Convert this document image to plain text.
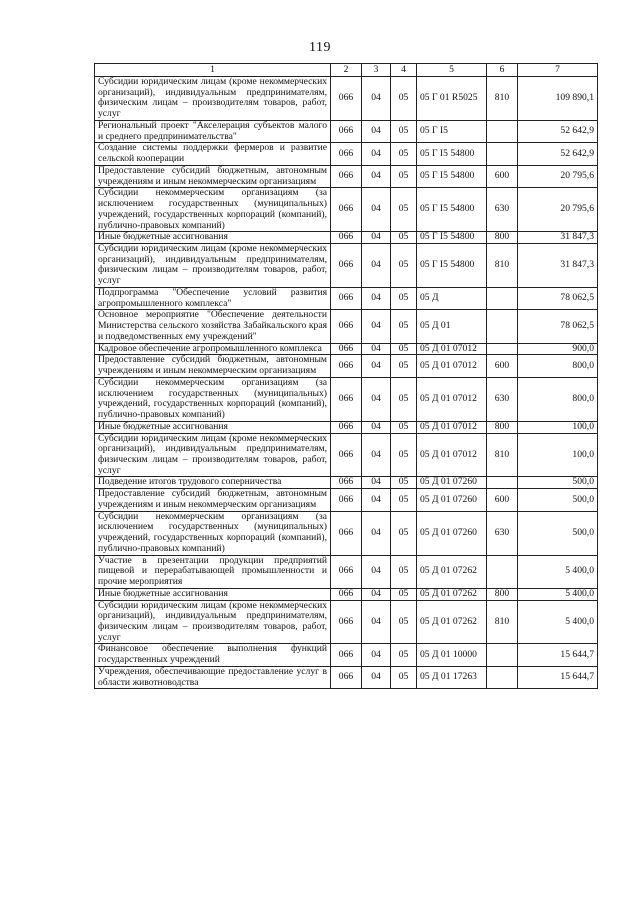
119
1	2	3	4	5	6	7
Субсидии юридическим лицам (кроме некоммерческих организаций), индивидуальным предпринимателям, физическим лицам – производителям товаров, работ, услуг	066	04	05	05 Г 01 R5025	810	109 890,1
Региональный проект "Акселерация субъектов малого и среднего предпринимательства"	066	04	05	05 Г I5		52 642,9
Создание системы поддержки фермеров и развитие сельской кооперации	066	04	05	05 Г I5 54800		52 642,9
Предоставление субсидий бюджетным, автономным учреждениям и иным некоммерческим организациям	066	04	05	05 Г I5 54800	600	20 795,6
Субсидии некоммерческим организациям (за исключением государственных (муниципальных) учреждений, государственных корпораций (компаний), публично-правовых компаний)	066	04	05	05 Г I5 54800	630	20 795,6
Иные бюджетные ассигнования	066	04	05	05 Г I5 54800	800	31 847,3
Субсидии юридическим лицам (кроме некоммерческих организаций), индивидуальным предпринимателям, физическим лицам – производителям товаров, работ, услуг	066	04	05	05 Г I5 54800	810	31 847,3
Подпрограмма "Обеспечение условий развития агропромышленного комплекса"	066	04	05	05 Д		78 062,5
Основное мероприятие "Обеспечение деятельности Министерства сельского хозяйства Забайкальского края и подведомственных ему учреждений"	066	04	05	05 Д 01		78 062,5
Кадровое обеспечение агропромышленного комплекса	066	04	05	05 Д 01 07012		900,0
Предоставление субсидий бюджетным, автономным учреждениям и иным некоммерческим организациям	066	04	05	05 Д 01 07012	600	800,0
Субсидии некоммерческим организациям (за исключением государственных (муниципальных) учреждений, государственных корпораций (компаний), публично-правовых компаний)	066	04	05	05 Д 01 07012	630	800,0
Иные бюджетные ассигнования	066	04	05	05 Д 01 07012	800	100,0
Субсидии юридическим лицам (кроме некоммерческих организаций), индивидуальным предпринимателям, физическим лицам – производителям товаров, работ, услуг	066	04	05	05 Д 01 07012	810	100,0
Подведение итогов трудового соперничества	066	04	05	05 Д 01 07260		500,0
Предоставление субсидий бюджетным, автономным учреждениям и иным некоммерческим организациям	066	04	05	05 Д 01 07260	600	500,0
Субсидии некоммерческим организациям (за исключением государственных (муниципальных) учреждений, государственных корпораций (компаний), публично-правовых компаний)	066	04	05	05 Д 01 07260	630	500,0
Участие в презентации продукции предприятий пищевой и перерабатывающей промышленности и прочие мероприятия	066	04	05	05 Д 01 07262		5 400,0
Иные бюджетные ассигнования	066	04	05	05 Д 01 07262	800	5 400,0
Субсидии юридическим лицам (кроме некоммерческих организаций), индивидуальным предпринимателям, физическим лицам – производителям товаров, работ, услуг	066	04	05	05 Д 01 07262	810	5 400,0
Финансовое обеспечение выполнения функций государственных учреждений	066	04	05	05 Д 01 10000		15 644,7
Учреждения, обеспечивающие предоставление услуг в области животноводства	066	04	05	05 Д 01 17263		15 644,7
